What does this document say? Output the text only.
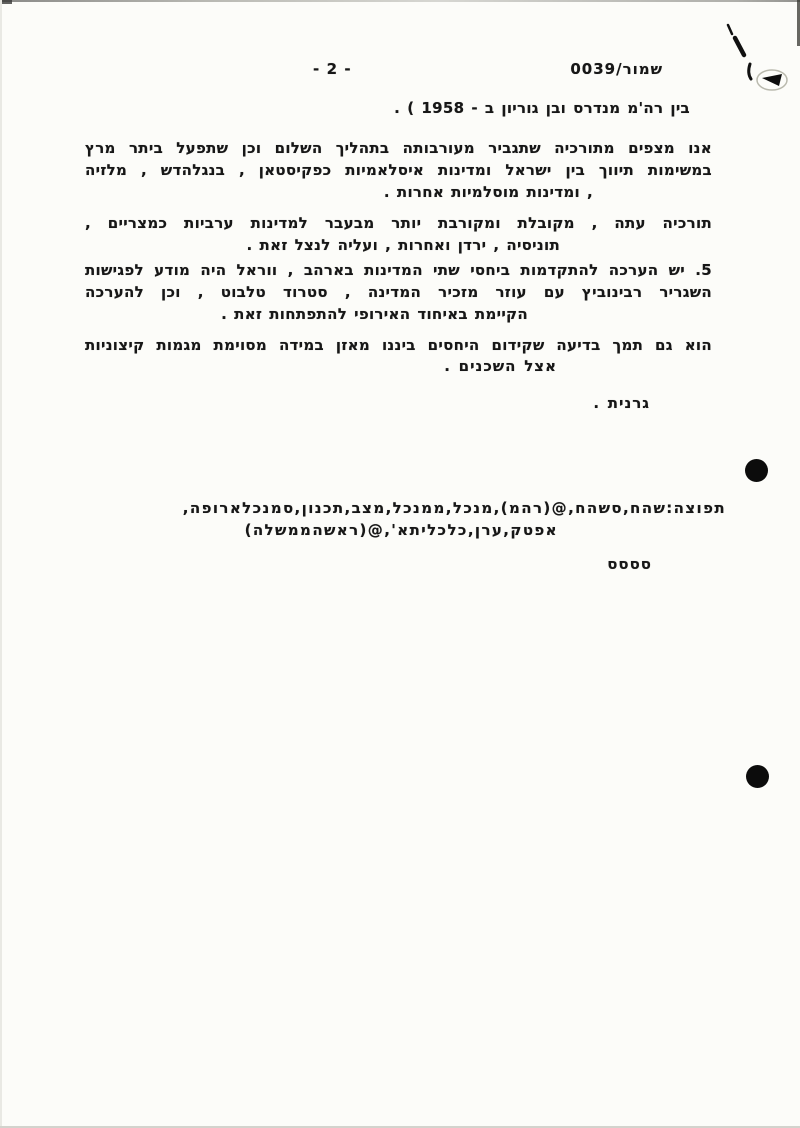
שמור/0039
- 2 -
בין רה'מ מנדרס ובן גוריון ב - 1958 ) .
אנו מצפים מתורכיה שתגביר מעורבותה בתהליך השלום וכן שתפעל ביתר מרץ
במשימות תיווך בין ישראל ומדינות איסלאמיות כפקיסטאן , בנגלהדש , מלזיה
, ומדינות מוסלמיות אחרות .
תורכיה עתה , מקובלת ומקורבת יותר מבעבר למדינות ערביות כמצריים ,
תוניסיה , ירדן ואחרות , ועליה לנצל זאת .
5. יש הערכה להתקדמות ביחסי שתי המדינות בארהב , ווראל היה מודע לפגישות
השגריר רבינוביץ עם עוזר מזכיר המדינה , סטרוד טלבוט , וכן להערכה
הקיימת באיחוד האירופי להתפתחות זאת .
הוא גם תמך בדיעה שקידום היחסים ביננו מאזן במידה מסוימת מגמות קיצוניות
אצל השכנים .
גרנית .
תפוצה:שהח,סשהח,@(רהמ),מנכל,ממנכל,מצב,תכנון,סמנכלארופה,
אפטק,ערן,כלכליתא',@(ראשהממשלה)
סססס
